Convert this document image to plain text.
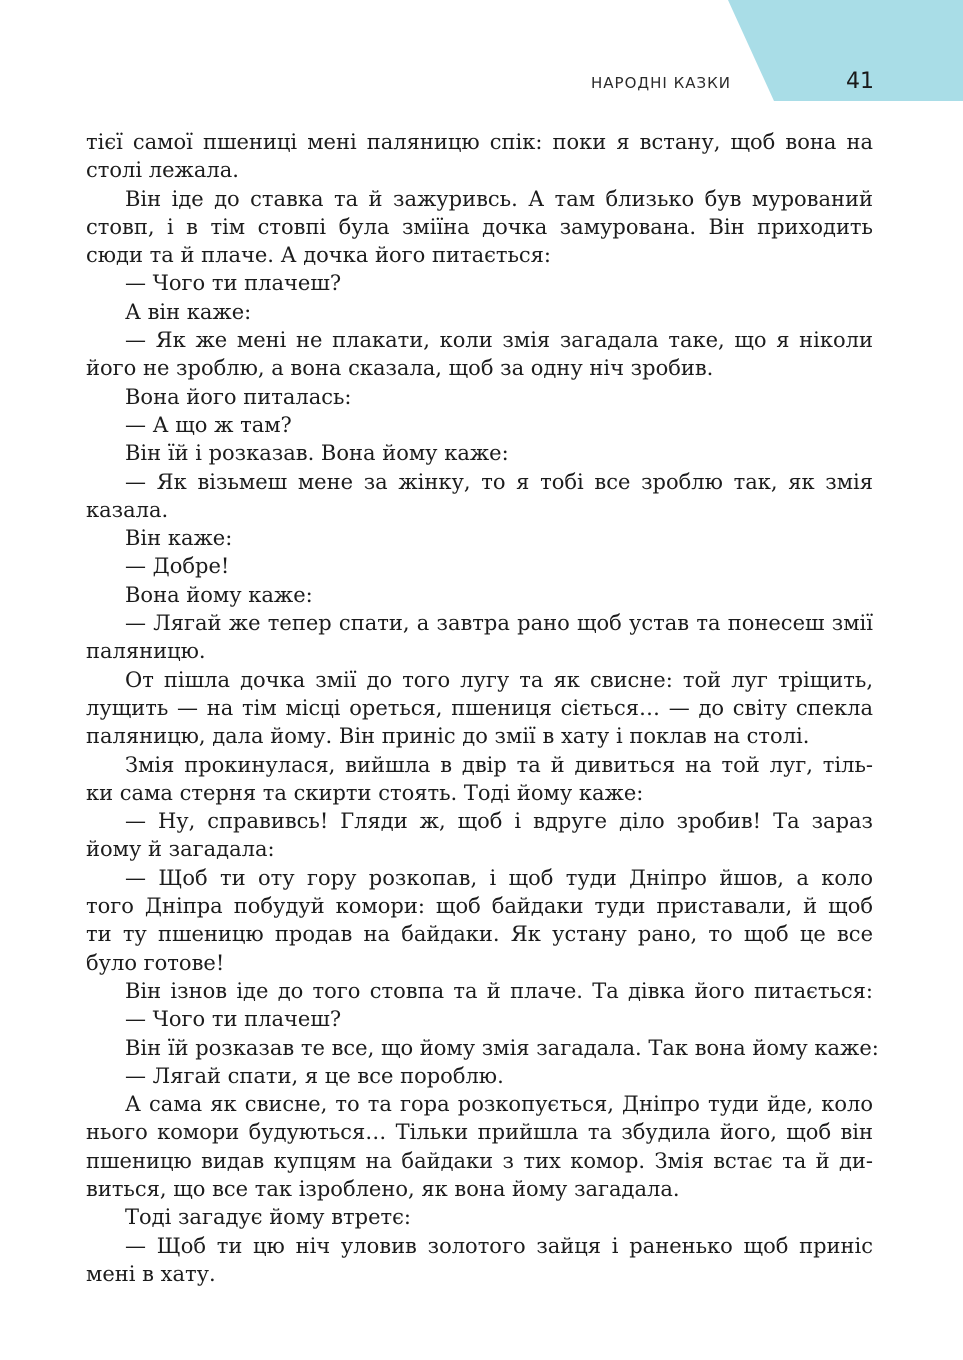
НАРОДНІ КАЗКИ	41
тієї самої пшениці мені паляницю спік: поки я встану, щоб вона на
столі лежала.
Він іде до ставка та й зажуривсь. А там близько був мурований
стовп, і в тім стовпі була зміїна дочка замурована. Він приходить
сюди та й плаче. А дочка його питається:
— Чого ти плачеш?
А він каже:
— Як же мені не плакати, коли змія загадала таке, що я ніколи
його не зроблю, а вона сказала, щоб за одну ніч зробив.
Вона його питалась:
— А що ж там?
Він їй і розказав. Вона йому каже:
— Як візьмеш мене за жінку, то я тобі все зроблю так, як змія
казала.
Він каже:
— Добре!
Вона йому каже:
— Лягай же тепер спати, а завтра рано щоб устав та понесеш змії
паляницю.
От пішла дочка змії до того лугу та як свисне: той луг тріщить,
лущить — на тім місці ореться, пшениця сіється… — до світу спекла
паляницю, дала йому. Він приніс до змії в хату і поклав на столі.
Змія прокинулася, вийшла в двір та й дивиться на той луг, тіль-
ки сама стерня та скирти стоять. Тоді йому каже:
— Ну, справивсь! Гляди ж, щоб і вдруге діло зробив! Та зараз
йому й загадала:
— Щоб ти оту гору розкопав, і щоб туди Дніпро йшов, а коло
того Дніпра побудуй комори: щоб байдаки туди приставали, й щоб
ти ту пшеницю продав на байдаки. Як устану рано, то щоб це все
було готове!
Він ізнов іде до того стовпа та й плаче. Та дівка його питається:
— Чого ти плачеш?
Він їй розказав те все, що йому змія загадала. Так вона йому каже:
— Лягай спати, я це все пороблю.
А сама як свисне, то та гора розкопується, Дніпро туди йде, коло
нього комори будуються… Тільки прийшла та збудила його, щоб він
пшеницю видав купцям на байдаки з тих комор. Змія встає та й ди-
виться, що все так ізроблено, як вона йому загадала.
Тоді загадує йому втретє:
— Щоб ти цю ніч уловив золотого зайця і раненько щоб приніс
мені в хату.
